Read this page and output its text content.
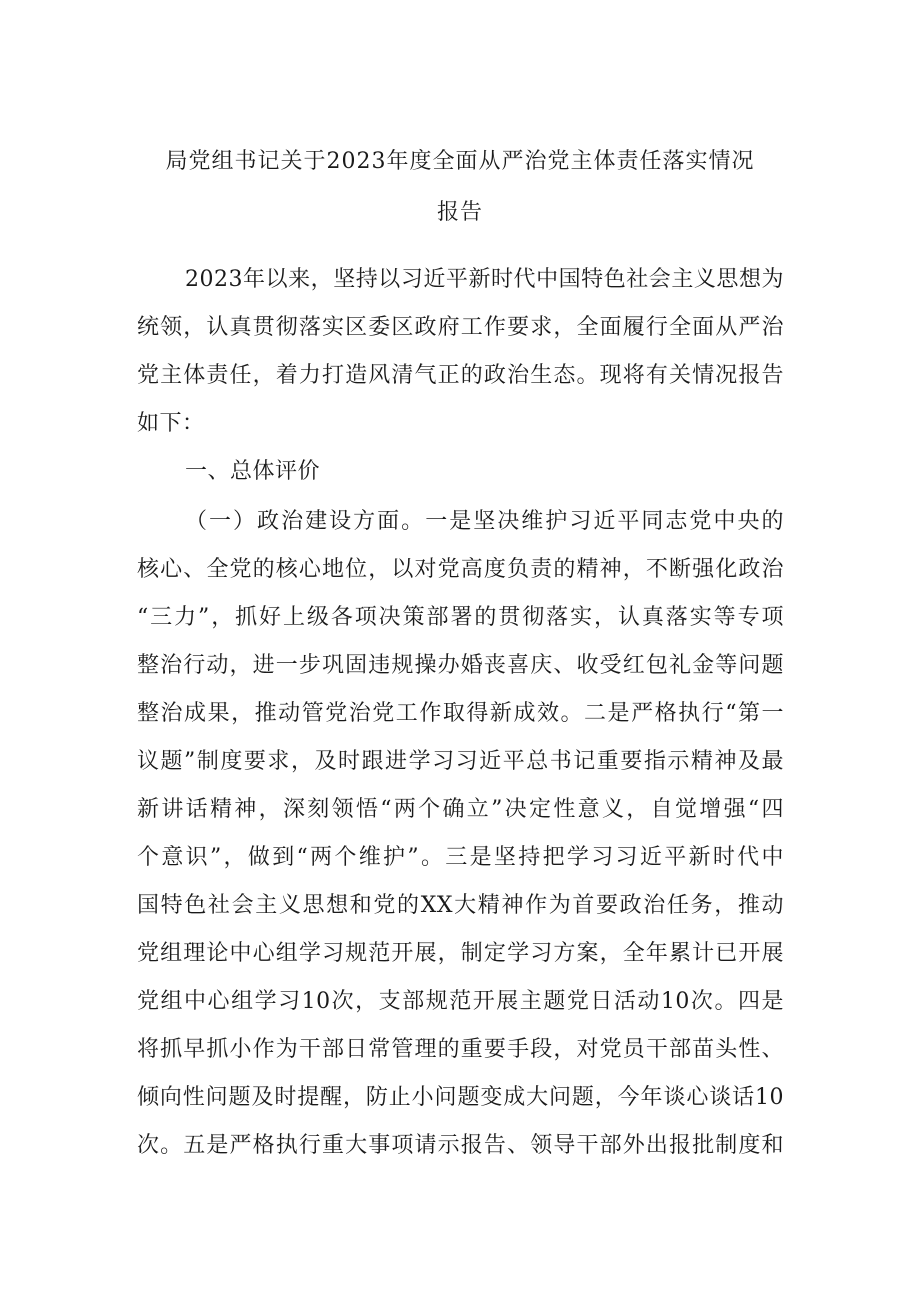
局党组书记关于2023年度全面从严治党主体责任落实情况
报告
2023年以来，坚持以习近平新时代中国特色社会主义思想为
统领，认真贯彻落实区委区政府工作要求，全面履行全面从严治
党主体责任，着力打造风清气正的政治生态。现将有关情况报告
如下：
一、总体评价
（一）政治建设方面。一是坚决维护习近平同志党中央的
核心、全党的核心地位，以对党高度负责的精神，不断强化政治
“三力”，抓好上级各项决策部署的贯彻落实，认真落实等专项
整治行动，进一步巩固违规操办婚丧喜庆、收受红包礼金等问题
整治成果，推动管党治党工作取得新成效。二是严格执行“第一
议题”制度要求，及时跟进学习习近平总书记重要指示精神及最
新讲话精神，深刻领悟“两个确立”决定性意义，自觉增强“四
个意识”，做到“两个维护”。三是坚持把学习习近平新时代中
国特色社会主义思想和党的XX大精神作为首要政治任务，推动
党组理论中心组学习规范开展，制定学习方案，全年累计已开展
党组中心组学习10次，支部规范开展主题党日活动10次。四是
将抓早抓小作为干部日常管理的重要手段，对党员干部苗头性、
倾向性问题及时提醒，防止小问题变成大问题，今年谈心谈话10
次。五是严格执行重大事项请示报告、领导干部外出报批制度和
